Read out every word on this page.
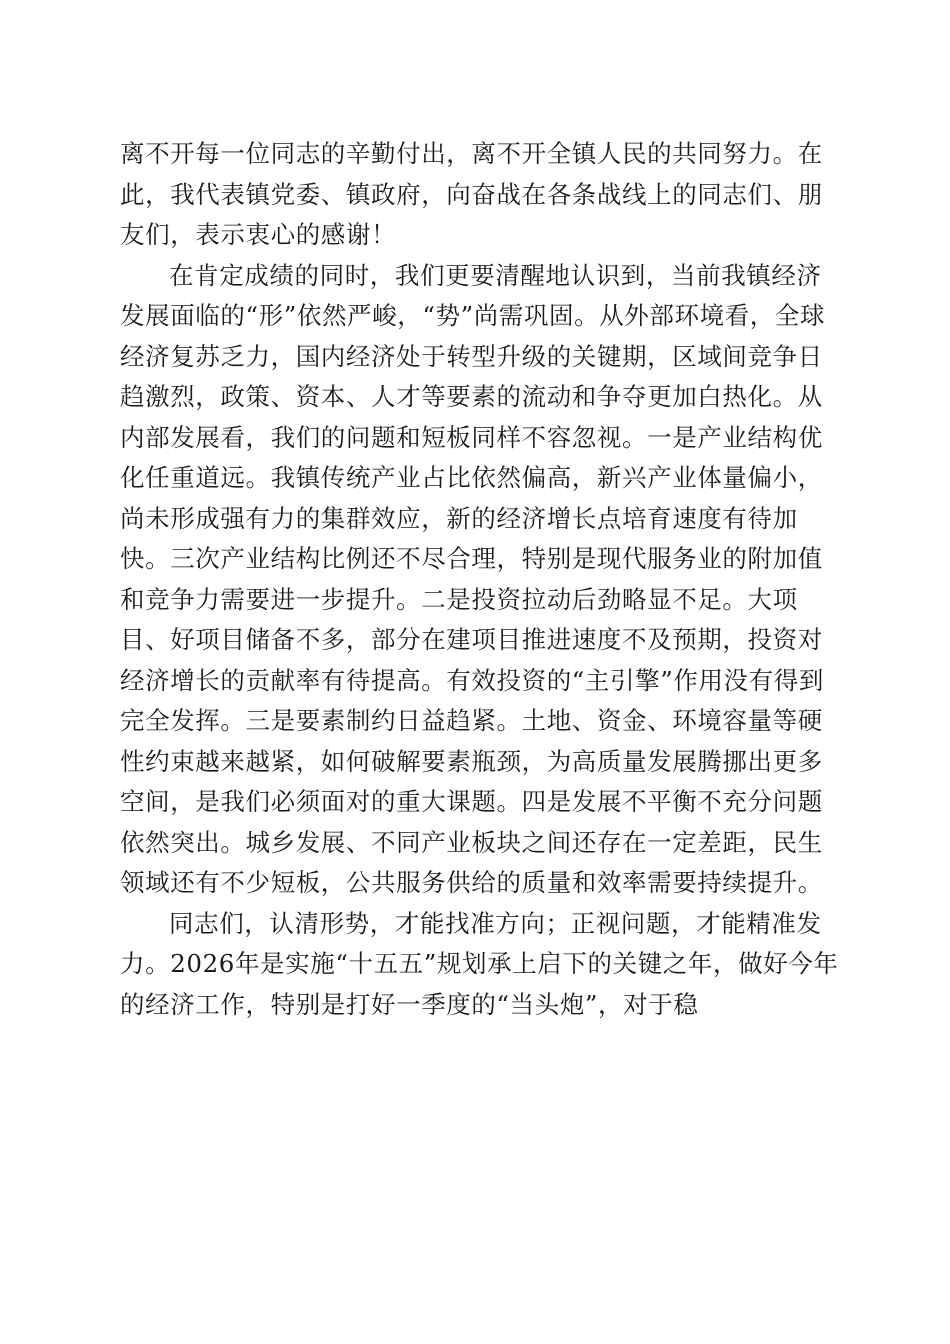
离不开每一位同志的辛勤付出，离不开全镇人民的共同努力。在此，我代表镇党委、镇政府，向奋战在各条战线上的同志们、朋友们，表示衷心的感谢！

在肯定成绩的同时，我们更要清醒地认识到，当前我镇经济发展面临的“形”依然严峻，“势”尚需巩固。从外部环境看，全球经济复苏乏力，国内经济处于转型升级的关键期，区域间竞争日趋激烈，政策、资本、人才等要素的流动和争夺更加白热化。从内部发展看，我们的问题和短板同样不容忽视。一是产业结构优化任重道远。我镇传统产业占比依然偏高，新兴产业体量偏小，尚未形成强有力的集群效应，新的经济增长点培育速度有待加快。三次产业结构比例还不尽合理，特别是现代服务业的附加值和竞争力需要进一步提升。二是投资拉动后劲略显不足。大项目、好项目储备不多，部分在建项目推进速度不及预期，投资对经济增长的贡献率有待提高。有效投资的“主引擎”作用没有得到完全发挥。三是要素制约日益趋紧。土地、资金、环境容量等硬性约束越来越紧，如何破解要素瓶颈，为高质量发展腾挪出更多空间，是我们必须面对的重大课题。四是发展不平衡不充分问题依然突出。城乡发展、不同产业板块之间还存在一定差距，民生领域还有不少短板，公共服务供给的质量和效率需要持续提升。

同志们，认清形势，才能找准方向；正视问题，才能精准发力。2026年是实施“十五五”规划承上启下的关键之年，做好今年的经济工作，特别是打好一季度的“当头炮”，对于稳
